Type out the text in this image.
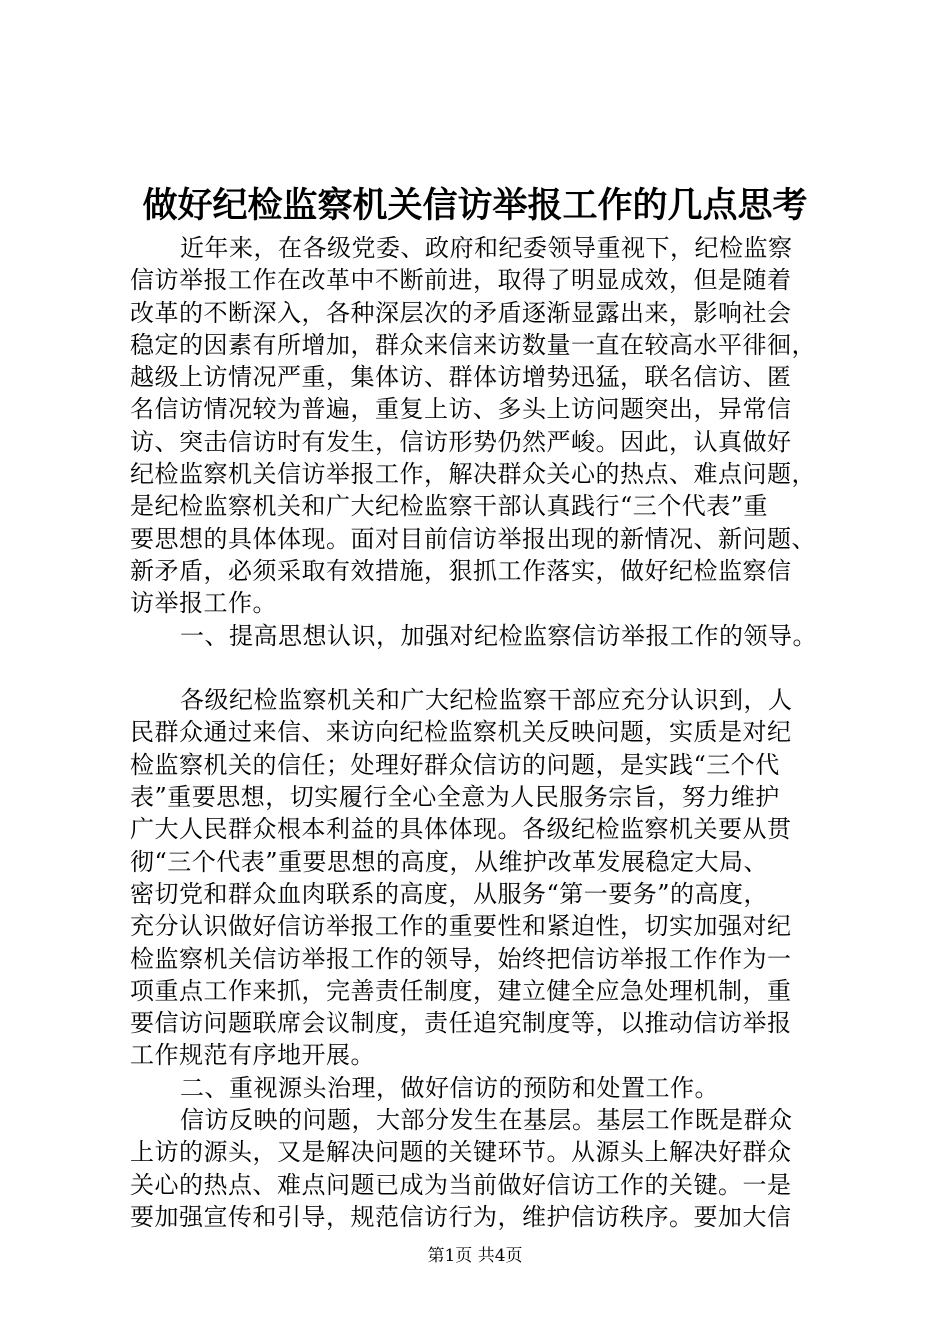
做好纪检监察机关信访举报工作的几点思考
近年来，在各级党委、政府和纪委领导重视下，纪检监察
信访举报工作在改革中不断前进，取得了明显成效，但是随着
改革的不断深入，各种深层次的矛盾逐渐显露出来，影响社会
稳定的因素有所增加，群众来信来访数量一直在较高水平徘徊，
越级上访情况严重，集体访、群体访增势迅猛，联名信访、匿
名信访情况较为普遍，重复上访、多头上访问题突出，异常信
访、突击信访时有发生，信访形势仍然严峻。因此，认真做好
纪检监察机关信访举报工作，解决群众关心的热点、难点问题，
是纪检监察机关和广大纪检监察干部认真践行“三个代表”重
要思想的具体体现。面对目前信访举报出现的新情况、新问题、
新矛盾，必须采取有效措施，狠抓工作落实，做好纪检监察信
访举报工作。
一、提高思想认识，加强对纪检监察信访举报工作的领导。
各级纪检监察机关和广大纪检监察干部应充分认识到，人
民群众通过来信、来访向纪检监察机关反映问题，实质是对纪
检监察机关的信任；处理好群众信访的问题，是实践“三个代
表”重要思想，切实履行全心全意为人民服务宗旨，努力维护
广大人民群众根本利益的具体体现。各级纪检监察机关要从贯
彻“三个代表”重要思想的高度，从维护改革发展稳定大局、
密切党和群众血肉联系的高度，从服务“第一要务”的高度，
充分认识做好信访举报工作的重要性和紧迫性，切实加强对纪
检监察机关信访举报工作的领导，始终把信访举报工作作为一
项重点工作来抓，完善责任制度，建立健全应急处理机制，重
要信访问题联席会议制度，责任追究制度等，以推动信访举报
工作规范有序地开展。
二、重视源头治理，做好信访的预防和处置工作。
信访反映的问题，大部分发生在基层。基层工作既是群众
上访的源头，又是解决问题的关键环节。从源头上解决好群众
关心的热点、难点问题已成为当前做好信访工作的关键。一是
要加强宣传和引导，规范信访行为，维护信访秩序。要加大信
第1页 共4页
